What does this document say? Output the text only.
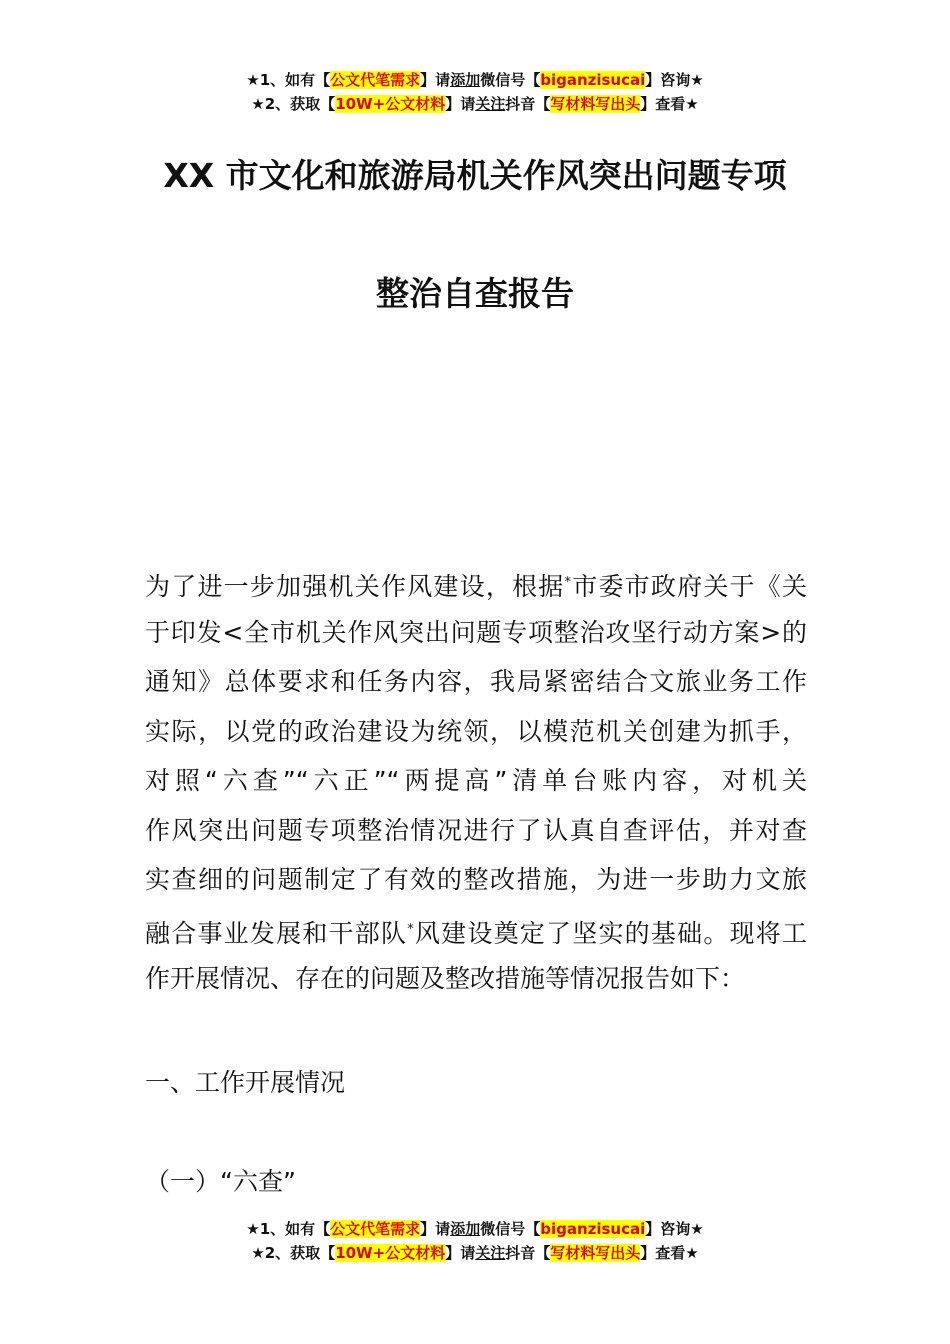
★1、如有【公文代笔需求】请添加微信号【biganzisucai】咨询★
★2、获取【10W+公文材料】请关注抖音【写材料写出头】查看★
XX 市文化和旅游局机关作风突出问题专项
整治自查报告
为了进一步加强机关作风建设，根据*市委市政府关于《关
于印发<全市机关作风突出问题专项整治攻坚行动方案>的
通知》总体要求和任务内容，我局紧密结合文旅业务工作
实际，以党的政治建设为统领，以模范机关创建为抓手，
对照“六查”“六正”“两提高”清单台账内容，对机关
作风突出问题专项整治情况进行了认真自查评估，并对查
实查细的问题制定了有效的整改措施，为进一步助力文旅
融合事业发展和干部队*风建设奠定了坚实的基础。现将工
作开展情况、存在的问题及整改措施等情况报告如下：
一、工作开展情况
（一）“六查”
★1、如有【公文代笔需求】请添加微信号【biganzisucai】咨询★
★2、获取【10W+公文材料】请关注抖音【写材料写出头】查看★
